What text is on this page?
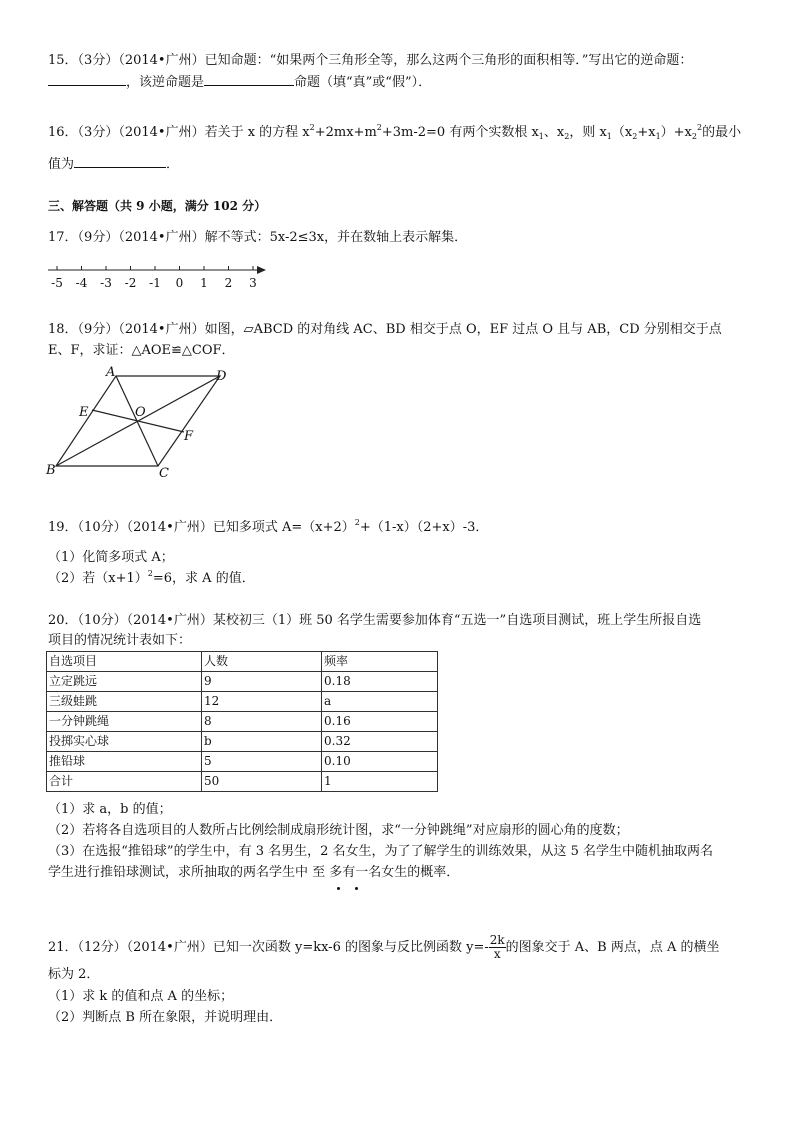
15．（3分）（2014•广州）已知命题：“如果两个三角形全等，那么这两个三角形的面积相等．”写出它的逆命题：
，该逆命题是	命题（填“真”或“假”）．
16．（3分）（2014•广州）若关于 x 的方程 $x^2+2mx+m^2+3m-2=0$ 有两个实数根 $x_1$、$x_2$，则 $x_1(x_2+x_1)+x_2^2$的最小
值为	．
三、解答题（共 9 小题，满分 102 分）
17．（9分）（2014•广州）解不等式：5x-2≤3x，并在数轴上表示解集．
-5 -4 -3 -2 -1 0 1 2 3
18．（9分）（2014•广州）如图，▱ABCD 的对角线 AC、BD 相交于点 O，EF 过点 O 且与 AB，CD 分别相交于点
E、F，求证：△AOE≌△COF．
A	D
E	O
F
B	C
19．（10分）（2014•广州）已知多项式 $A=(x+2)^2+(1-x)(2+x)-3$．
（1）化简多项式 A；
（2）若$(x+1)^2=6$，求 A 的值．
20．（10分）（2014•广州）某校初三（1）班 50 名学生需要参加体育“五选一”自选项目测试，班上学生所报自选
项目的情况统计表如下：
自选项目	人数	频率
立定跳远	9	0.18
三级蛙跳	12	a
一分钟跳绳	8	0.16
投掷实心球	b	0.32
推铅球	5	0.10
合计	50	1
（1）求 a，b 的值；
（2）若将各自选项目的人数所占比例绘制成扇形统计图，求“一分钟跳绳”对应扇形的圆心角的度数；
（3）在选报“推铅球”的学生中，有 3 名男生，2 名女生，为了了解学生的训练效果，从这 5 名学生中随机抽取两名
学生进行推铅球测试，求所抽取的两名学生中 至 多有一名女生的概率．
21．（12分）（2014•广州）已知一次函数 y=kx-6 的图象与反比例函数 $y=- \frac{2k}{x}$ 的图象交于 A、B 两点，点 A 的横坐
标为 2．
（1）求 k 的值和点 A 的坐标；
（2）判断点 B 所在象限，并说明理由．
